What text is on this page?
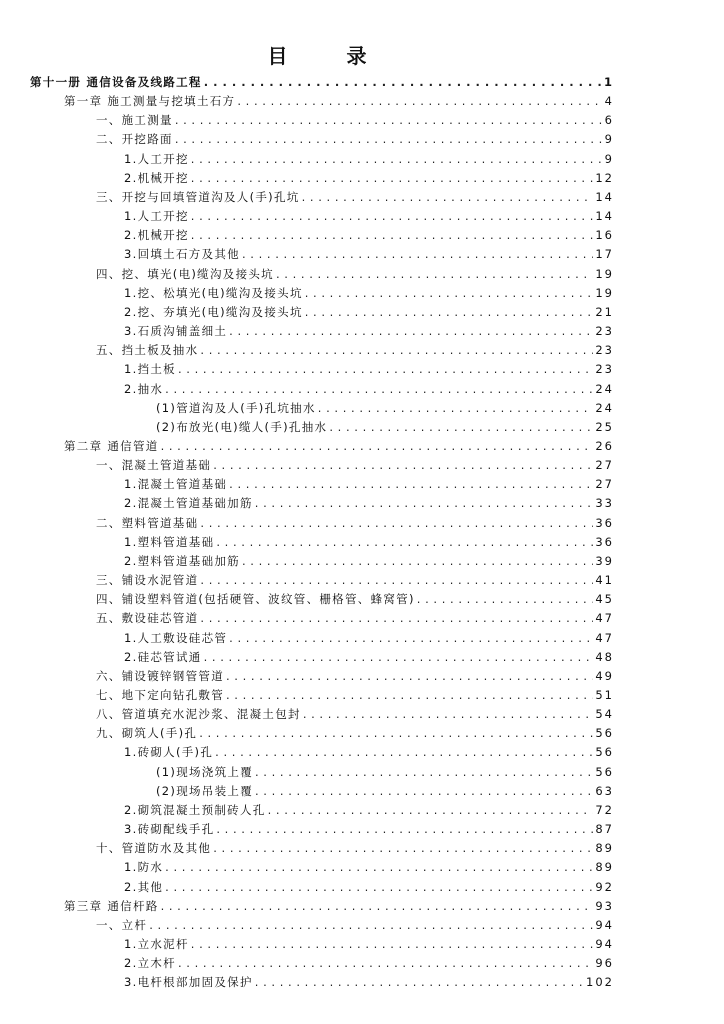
目 录
第十一册 通信设备及线路工程 . . .	1
第一章 施工测量与挖填土石方 . . .	4
一、施工测量 . . .	6
二、开挖路面 . . .	9
1.人工开挖 . . .	9
2.机械开挖 . . .	12
三、开挖与回填管道沟及人(手)孔坑 . . .	14
1.人工开挖 . . .	14
2.机械开挖 . . .	16
3.回填土石方及其他 . . .	17
四、挖、填光(电)缆沟及接头坑 . . .	19
1.挖、松填光(电)缆沟及接头坑 . . .	19
2.挖、夯填光(电)缆沟及接头坑 . . .	21
3.石质沟铺盖细土 . . .	23
五、挡土板及抽水 . . .	23
1.挡土板 . . .	23
2.抽水 . . .	24
(1)管道沟及人(手)孔坑抽水 . . .	24
(2)布放光(电)缆人(手)孔抽水 . . .	25
第二章 通信管道 . . .	26
一、混凝土管道基础 . . .	27
1.混凝土管道基础 . . .	27
2.混凝土管道基础加筋 . . .	33
二、塑料管道基础 . . .	36
1.塑料管道基础 . . .	36
2.塑料管道基础加筋 . . .	39
三、铺设水泥管道 . . .	41
四、铺设塑料管道(包括硬管、波纹管、栅格管、蜂窝管) . . .	45
五、敷设硅芯管道 . . .	47
1.人工敷设硅芯管 . . .	47
2.硅芯管试通 . . .	48
六、铺设镀锌钢管管道 . . .	49
七、地下定向钻孔敷管 . . .	51
八、管道填充水泥沙浆、混凝土包封 . . .	54
九、砌筑人(手)孔 . . .	56
1.砖砌人(手)孔 . . .	56
(1)现场浇筑上覆 . . .	56
(2)现场吊装上覆 . . .	63
2.砌筑混凝土预制砖人孔 . . .	72
3.砖砌配线手孔 . . .	87
十、管道防水及其他 . . .	89
1.防水 . . .	89
2.其他 . . .	92
第三章 通信杆路 . . .	93
一、立杆 . . .	94
1.立水泥杆 . . .	94
2.立木杆 . . .	96
3.电杆根部加固及保护 . . .	102
